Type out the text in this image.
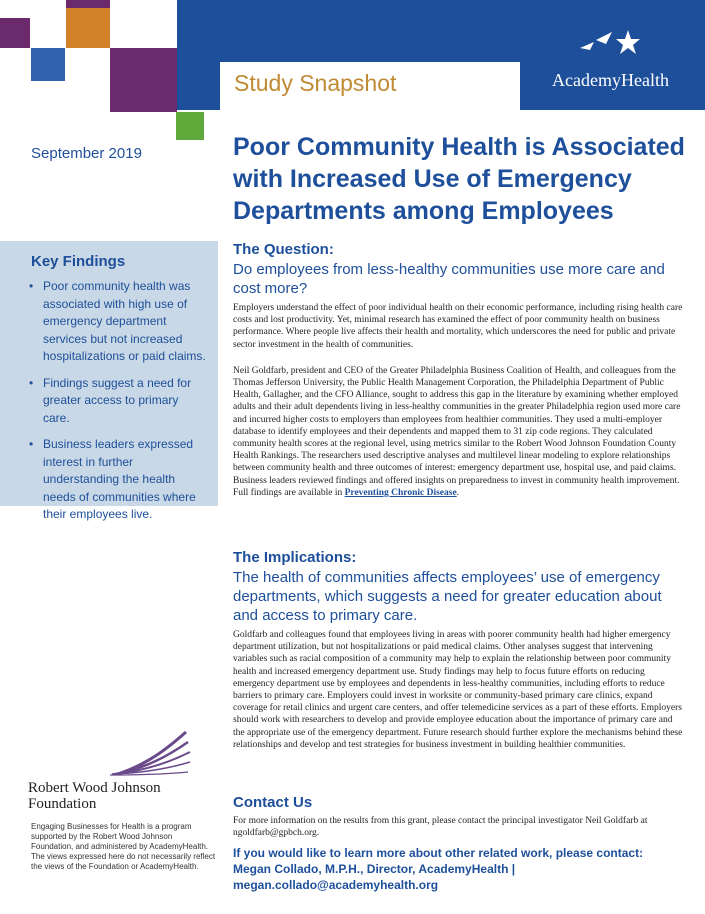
Study Snapshot	AcademyHealth
September 2019	Poor Community Health is Associated with Increased Use of Emergency Departments among Employees
Key Findings
• Poor community health was associated with high use of emergency department services but not increased hospitalizations or paid claims.
• Findings suggest a need for greater access to primary care.
• Business leaders expressed interest in further understanding the health needs of communities where their employees live.
The Question:
Do employees from less-healthy communities use more care and cost more?

Employers understand the effect of poor individual health on their economic performance, including rising health care costs and lost productivity. Yet, minimal research has examined the effect of poor community health on business performance. Where people live affects their health and mortality, which underscores the need for public and private sector investment in the health of communities.

Neil Goldfarb, president and CEO of the Greater Philadelphia Business Coalition of Health, and colleagues from the Thomas Jefferson University, the Public Health Management Corporation, the Philadelphia Department of Public Health, Gallagher, and the CFO Alliance, sought to address this gap in the literature by examining whether employed adults and their adult dependents living in less-healthy communities in the greater Philadelphia region used more care and incurred higher costs to employers than employees from healthier communities. They used a multi-employer database to identify employees and their dependents and mapped them to 31 zip code regions. They calculated community health scores at the regional level, using metrics similar to the Robert Wood Johnson Foundation County Health Rankings. The researchers used descriptive analyses and multilevel linear modeling to explore relationships between community health and three outcomes of interest: emergency department use, hospital use, and paid claims. Business leaders reviewed findings and offered insights on preparedness to invest in community health improvement. Full findings are available in Preventing Chronic Disease.

The Implications:
The health of communities affects employees’ use of emergency departments, which suggests a need for greater education about and access to primary care.

Goldfarb and colleagues found that employees living in areas with poorer community health had higher emergency department utilization, but not hospitalizations or paid medical claims. Other analyses suggest that intervening variables such as racial composition of a community may help to explain the relationship between poor community health and increased emergency department use. Study findings may help to focus future efforts on reducing emergency department use by employees and dependents in less-healthy communities, including efforts to reduce barriers to primary care. Employers could invest in worksite or community-based primary care clinics, expand coverage for retail clinics and urgent care centers, and offer telemedicine services as a part of these efforts. Employers should work with researchers to develop and provide employee education about the importance of primary care and the appropriate use of the emergency department. Future research should further explore the mechanisms behind these relationships and develop and test strategies for business investment in building healthier communities.

Contact Us

For more information on the results from this grant, please contact the principal investigator Neil Goldfarb at ngoldfarb@gpbch.org.

If you would like to learn more about other related work, please contact:
Megan Collado, M.P.H., Director, AcademyHealth | megan.collado@academyhealth.org
Robert Wood Johnson
Foundation

Engaging Businesses for Health is a program supported by the Robert Wood Johnson Foundation, and administered by AcademyHealth. The views expressed here do not necessarily reflect the views of the Foundation or AcademyHealth.
